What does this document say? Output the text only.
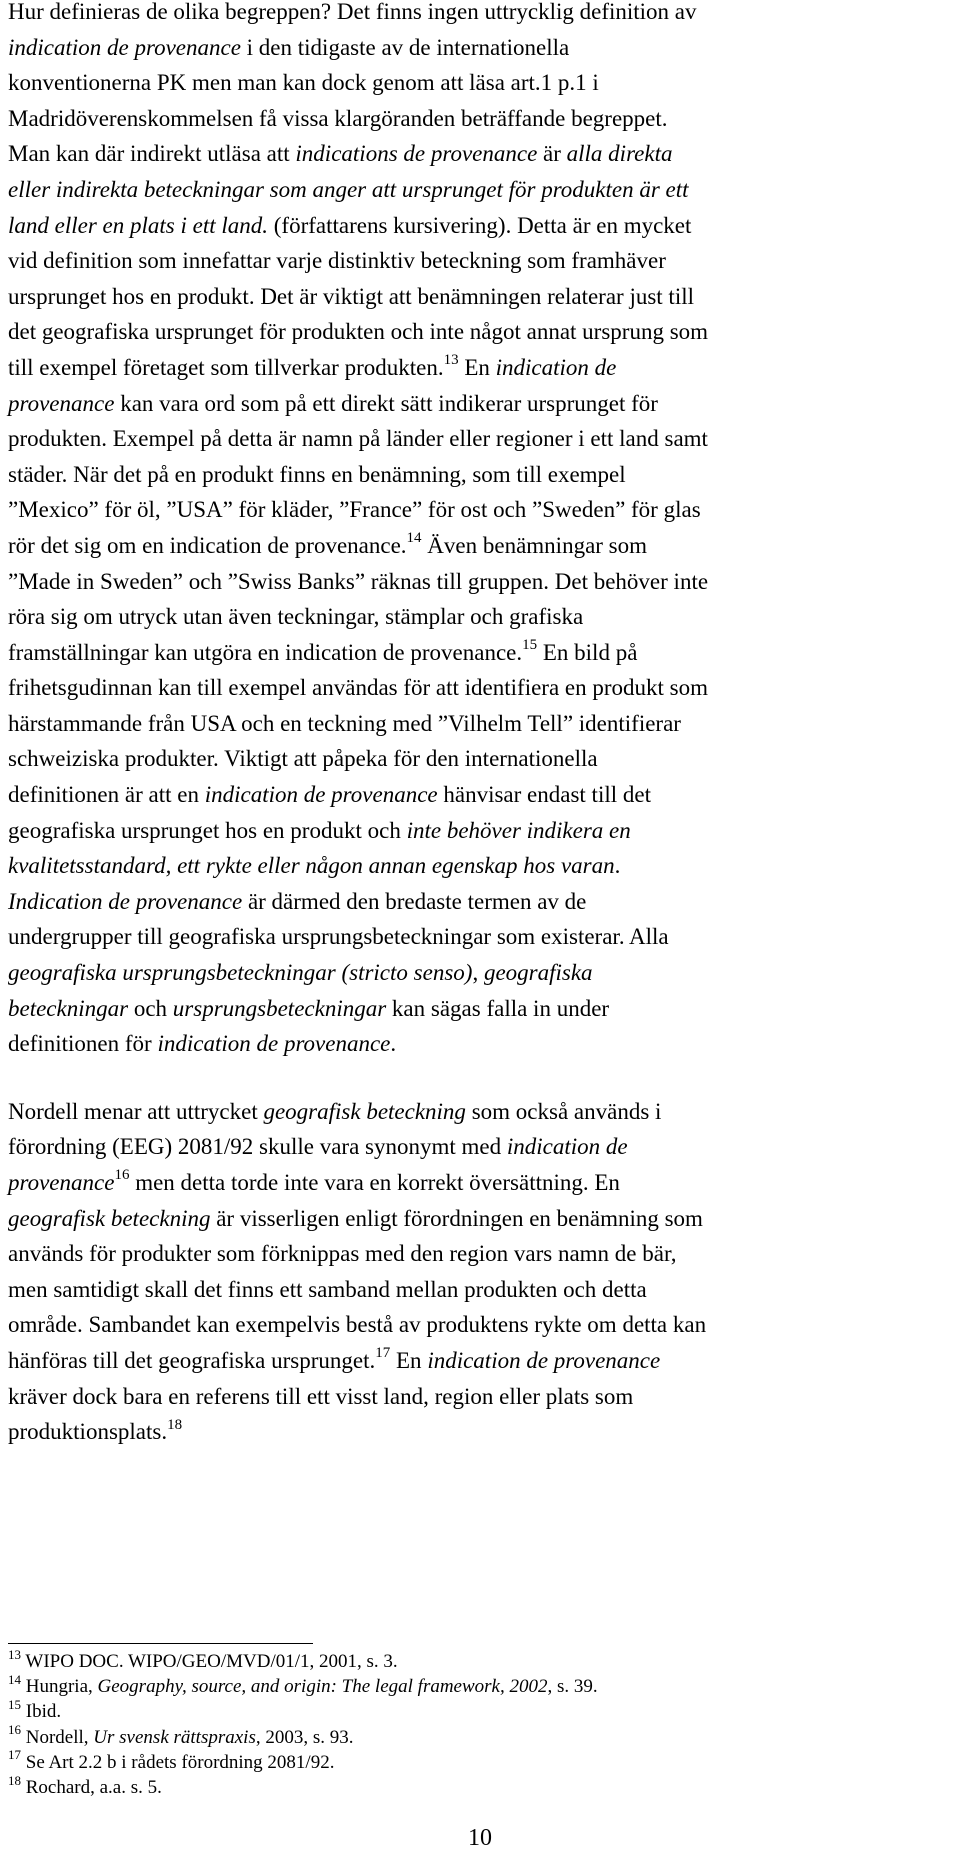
Hur definieras de olika begreppen? Det finns ingen uttrycklig definition av
indication de provenance i den tidigaste av de internationella
konventionerna PK men man kan dock genom att läsa art.1 p.1 i
Madridöverenskommelsen få vissa klargöranden beträffande begreppet.
Man kan där indirekt utläsa att indications de provenance är alla direkta
eller indirekta beteckningar som anger att ursprunget för produkten är ett
land eller en plats i ett land. (författarens kursivering). Detta är en mycket
vid definition som innefattar varje distinktiv beteckning som framhäver
ursprunget hos en produkt. Det är viktigt att benämningen relaterar just till
det geografiska ursprunget för produkten och inte något annat ursprung som
till exempel företaget som tillverkar produkten.$^{13}$ En indication de
provenance kan vara ord som på ett direkt sätt indikerar ursprunget för
produkten. Exempel på detta är namn på länder eller regioner i ett land samt
städer. När det på en produkt finns en benämning, som till exempel
”Mexico” för öl, ”USA” för kläder, ”France” för ost och ”Sweden” för glas
rör det sig om en indication de provenance.$^{14}$ Även benämningar som
”Made in Sweden” och ”Swiss Banks” räknas till gruppen. Det behöver inte
röra sig om utryck utan även teckningar, stämplar och grafiska
framställningar kan utgöra en indication de provenance.$^{15}$ En bild på
frihetsgudinnan kan till exempel användas för att identifiera en produkt som
härstammande från USA och en teckning med ”Vilhelm Tell” identifierar
schweiziska produkter. Viktigt att påpeka för den internationella
definitionen är att en indication de provenance hänvisar endast till det
geografiska ursprunget hos en produkt och inte behöver indikera en
kvalitetsstandard, ett rykte eller någon annan egenskap hos varan.
Indication de provenance är därmed den bredaste termen av de
undergrupper till geografiska ursprungsbeteckningar som existerar. Alla
geografiska ursprungsbeteckningar (stricto senso), geografiska
beteckningar och ursprungsbeteckningar kan sägas falla in under
definitionen för indication de provenance.

Nordell menar att uttrycket geografisk beteckning som också används i
förordning (EEG) 2081/92 skulle vara synonymt med indication de
provenance$^{16}$ men detta torde inte vara en korrekt översättning. En
geografisk beteckning är visserligen enligt förordningen en benämning som
används för produkter som förknippas med den region vars namn de bär,
men samtidigt skall det finns ett samband mellan produkten och detta
område. Sambandet kan exempelvis bestå av produktens rykte om detta kan
hänföras till det geografiska ursprunget.$^{17}$ En indication de provenance
kräver dock bara en referens till ett visst land, region eller plats som
produktionsplats.$^{18}$

$^{13}$ WIPO DOC. WIPO/GEO/MVD/01/1, 2001, s. 3.
$^{14}$ Hungria, Geography, source, and origin: The legal framework, 2002, s. 39.
$^{15}$ Ibid.
$^{16}$ Nordell, Ur svensk rättspraxis, 2003, s. 93.
$^{17}$ Se Art 2.2 b i rådets förordning 2081/92.
$^{18}$ Rochard, a.a. s. 5.
10
